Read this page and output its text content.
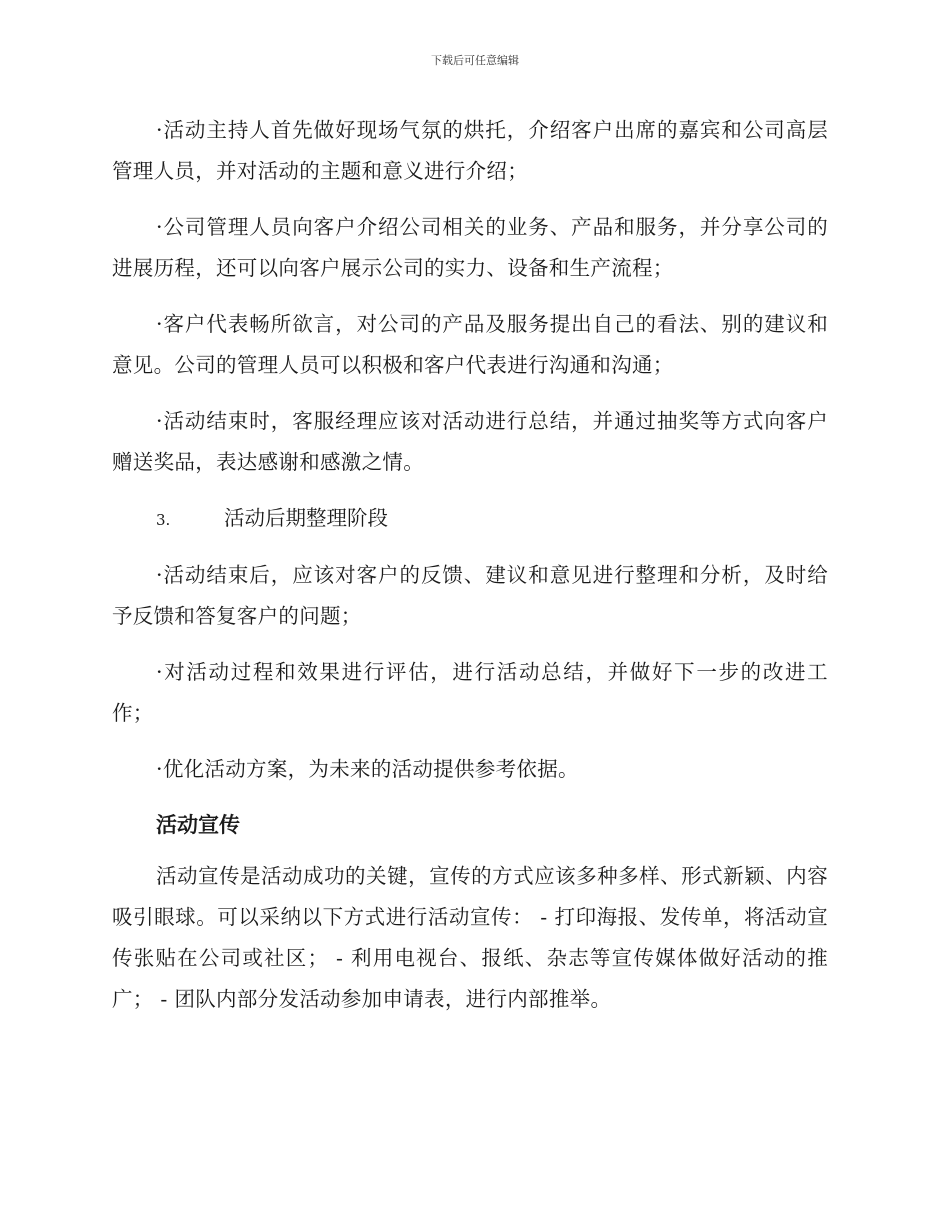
下载后可任意编辑

·活动主持人首先做好现场气氛的烘托，介绍客户出席的嘉宾和公司高层管理人员，并对活动的主题和意义进行介绍；

·公司管理人员向客户介绍公司相关的业务、产品和服务，并分享公司的进展历程，还可以向客户展示公司的实力、设备和生产流程；

·客户代表畅所欲言，对公司的产品及服务提出自己的看法、别的建议和意见。公司的管理人员可以积极和客户代表进行沟通和沟通；

·活动结束时，客服经理应该对活动进行总结，并通过抽奖等方式向客户赠送奖品，表达感谢和感激之情。

3.	活动后期整理阶段

·活动结束后，应该对客户的反馈、建议和意见进行整理和分析，及时给予反馈和答复客户的问题；

·对活动过程和效果进行评估，进行活动总结，并做好下一步的改进工作；

·优化活动方案，为未来的活动提供参考依据。

活动宣传

活动宣传是活动成功的关键，宣传的方式应该多种多样、形式新颖、内容吸引眼球。可以采纳以下方式进行活动宣传： - 打印海报、发传单，将活动宣传张贴在公司或社区； - 利用电视台、报纸、杂志等宣传媒体做好活动的推广； - 团队内部分发活动参加申请表，进行内部推举。
